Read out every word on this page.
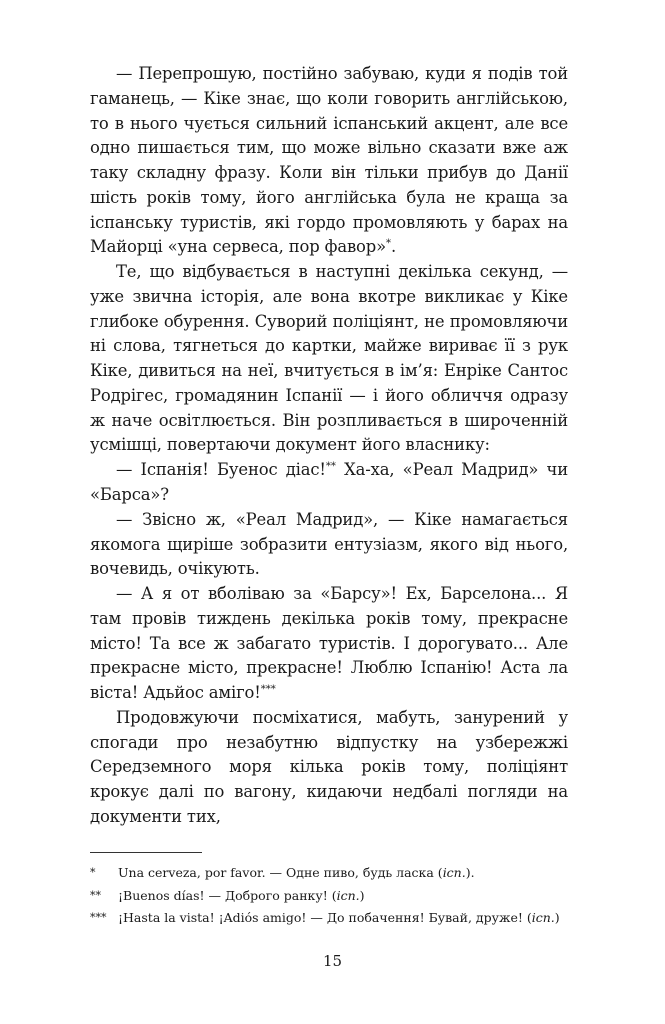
— Перепрошую, постійно забуваю, куди я подів той гаманець, — Кіке знає, що коли говорить англійською, то в нього чується сильний іспанський акцент, але все одно пишається тим, що може вільно сказати вже аж таку складну фразу. Коли він тільки прибув до Данії шість років тому, його англійська була не краща за іспанську туристів, які гордо промовляють у барах на Майорці «уна сервеса, пор фавор»*.

Те, що відбувається в наступні декілька секунд, — уже звична історія, але вона вкотре викликає у Кіке глибоке обурення. Суворий поліціянт, не промовляючи ні слова, тягнеться до картки, майже вириває її з рук Кіке, дивиться на неї, вчитується в ім’я: Енріке Сантос Родрігес, громадянин Іспанії — і його обличчя одразу ж наче освітлюється. Він розпливається в широченній усмішці, повертаючи документ його власнику:

— Іспанія! Буенос діас!** Ха-ха, «Реал Мадрид» чи «Барса»?

— Звісно ж, «Реал Мадрид», — Кіке намагається якомога щиріше зобразити ентузіазм, якого від нього, вочевидь, очікують.

— А я от вболіваю за «Барсу»! Ех, Барселона... Я там провів тиждень декілька років тому, прекрасне місто! Та все ж забагато туристів. І дорогувато... Але прекрасне місто, прекрасне! Люблю Іспанію! Аста ла віста! Адьйос аміго!***

Продовжуючи посміхатися, мабуть, занурений у спогади про незабутню відпустку на узбережжі Середземного моря кілька років тому, поліціянт крокує далі по вагону, кидаючи недбалі погляди на документи тих,

*	Una cerveza, por favor. — Одне пиво, будь ласка (ісп.).
**	¡Buenos días! — Доброго ранку! (ісп.)
*** ¡Hasta la vista! ¡Adiós amigo! — До побачення! Бувай, друже! (ісп.)
15
